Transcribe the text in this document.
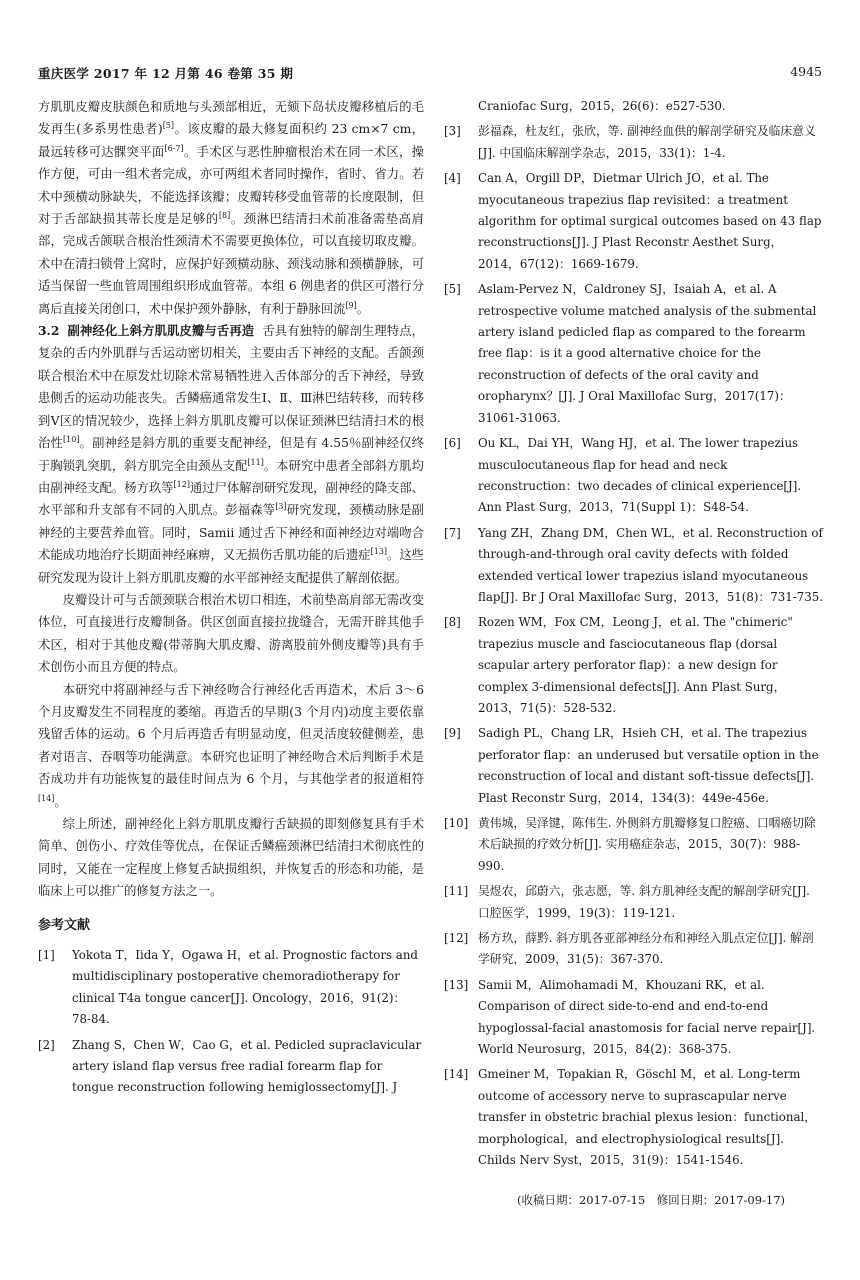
重庆医学 2017 年 12 月第 46 卷第 35 期	4945

方肌肌皮瓣皮肤颜色和质地与头颈部相近，无颏下岛状皮瓣移植后的毛发再生(多系男性患者)[5]。该皮瓣的最大修复面积约 23 cm×7 cm，最远转移可达髁突平面[6-7]。手术区与恶性肿瘤根治术在同一术区，操作方便，可由一组术者完成，亦可两组术者同时操作，省时、省力。若术中颈横动脉缺失，不能选择该瓣；皮瓣转移受血管蒂的长度限制，但对于舌部缺损其蒂长度是足够的[8]。颈淋巴结清扫术前准备需垫高肩部，完成舌颌联合根治性颈清术不需要更换体位，可以直接切取皮瓣。术中在清扫锁骨上窝时，应保护好颈横动脉、颈浅动脉和颈横静脉，可适当保留一些血管周围组织形成血管蒂。本组 6 例患者的供区可潜行分离后直接关闭创口，术中保护颈外静脉，有利于静脉回流[9]。

3.2 副神经化上斜方肌肌皮瓣与舌再造 舌具有独特的解剖生理特点，复杂的舌内外肌群与舌运动密切相关，主要由舌下神经的支配。舌颌颈联合根治术中在原发灶切除术常易牺牲进入舌体部分的舌下神经，导致患侧舌的运动功能丧失。舌鳞癌通常发生Ⅰ、Ⅱ、Ⅲ淋巴结转移，而转移到Ⅴ区的情况较少，选择上斜方肌肌皮瓣可以保证颈淋巴结清扫术的根治性[10]。副神经是斜方肌的重要支配神经，但是有 4.55％副神经仅终于胸锁乳突肌，斜方肌完全由颈丛支配[11]。本研究中患者全部斜方肌均由副神经支配。杨方玖等[12]通过尸体解剖研究发现，副神经的降支部、水平部和升支部有不同的入肌点。彭福森等[3]研究发现，颈横动脉是副神经的主要营养血管。同时，Samii 通过舌下神经和面神经边对端吻合术能成功地治疗长期面神经麻痹，又无损伤舌肌功能的后遗症[13]。这些研究发现为设计上斜方肌肌皮瓣的水平部神经支配提供了解剖依据。

皮瓣设计可与舌颌颈联合根治术切口相连，术前垫高肩部无需改变体位，可直接进行皮瓣制备。供区创面直接拉拢缝合，无需开辟其他手术区，相对于其他皮瓣(带蒂胸大肌皮瓣、游离股前外侧皮瓣等)具有手术创伤小而且方便的特点。

本研究中将副神经与舌下神经吻合行神经化舌再造术，术后 3～6 个月皮瓣发生不同程度的萎缩。再造舌的早期(3 个月内)动度主要依靠残留舌体的运动。6 个月后再造舌有明显动度，但灵活度较健侧差，患者对语言、吞咽等功能满意。本研究也证明了神经吻合术后判断手术是否成功并有功能恢复的最佳时间点为 6 个月，与其他学者的报道相符[14]。

综上所述，副神经化上斜方肌肌皮瓣行舌缺损的即刻修复具有手术简单、创伤小、疗效佳等优点，在保证舌鳞癌颈淋巴结清扫术彻底性的同时，又能在一定程度上修复舌缺损组织，并恢复舌的形态和功能，是临床上可以推广的修复方法之一。

参考文献
[1]	Yokota T，Iida Y，Ogawa H，et al. Prognostic factors and multidisciplinary postoperative chemoradiotherapy for clinical T4a tongue cancer[J]. Oncology，2016，91(2)：78-84.
[2]	Zhang S，Chen W，Cao G，et al. Pedicled supraclavicular artery island flap versus free radial forearm flap for tongue reconstruction following hemiglossectomy[J]. J
Craniofac Surg，2015，26(6)：e527-530.
[3]	彭福森，杜友红，张欣，等. 副神经血供的解剖学研究及临床意义[J]. 中国临床解剖学杂志，2015，33(1)：1-4.
[4]	Can A，Orgill DP，Dietmar Ulrich JO，et al. The myocutaneous trapezius flap revisited：a treatment algorithm for optimal surgical outcomes based on 43 flap reconstructions[J]. J Plast Reconstr Aesthet Surg，2014，67(12)：1669-1679.
[5]	Aslam-Pervez N，Caldroney SJ，Isaiah A，et al. A retrospective volume matched analysis of the submental artery island pedicled flap as compared to the forearm free flap：is it a good alternative choice for the reconstruction of defects of the oral cavity and oropharynx？[J]. J Oral Maxillofac Surg，2017(17)：31061-31063.
[6]	Ou KL，Dai YH，Wang HJ，et al. The lower trapezius musculocutaneous flap for head and neck reconstruction：two decades of clinical experience[J]. Ann Plast Surg，2013，71(Suppl 1)：S48-54.
[7]	Yang ZH，Zhang DM，Chen WL，et al. Reconstruction of through-and-through oral cavity defects with folded extended vertical lower trapezius island myocutaneous flap[J]. Br J Oral Maxillofac Surg，2013，51(8)：731-735.
[8]	Rozen WM，Fox CM，Leong J，et al. The "chimeric" trapezius muscle and fasciocutaneous flap (dorsal scapular artery perforator flap)：a new design for complex 3-dimensional defects[J]. Ann Plast Surg，2013，71(5)：528-532.
[9]	Sadigh PL，Chang LR，Hsieh CH，et al. The trapezius perforator flap：an underused but versatile option in the reconstruction of local and distant soft-tissue defects[J]. Plast Reconstr Surg，2014，134(3)：449e-456e.
[10] 黄伟城，吴泽键，陈伟生. 外侧斜方肌瓣修复口腔癌、口咽癌切除术后缺损的疗效分析[J]. 实用癌症杂志，2015，30(7)：988-990.
[11] 吴煜农，邱蔚六，张志愿，等. 斜方肌神经支配的解剖学研究[J]. 口腔医学，1999，19(3)：119-121.
[12] 杨方玖，薛黔. 斜方肌各亚部神经分布和神经入肌点定位[J]. 解剖学研究，2009，31(5)：367-370.
[13] Samii M，Alimohamadi M，Khouzani RK，et al. Comparison of direct side-to-end and end-to-end hypoglossal-facial anastomosis for facial nerve repair[J]. World Neurosurg，2015，84(2)：368-375.
[14] Gmeiner M，Topakian R，Göschl M，et al. Long-term outcome of accessory nerve to suprascapular nerve transfer in obstetric brachial plexus lesion：functional，morphological，and electrophysiological results[J]. Childs Nerv Syst，2015，31(9)：1541-1546.
(收稿日期：2017-07-15　修回日期：2017-09-17)
